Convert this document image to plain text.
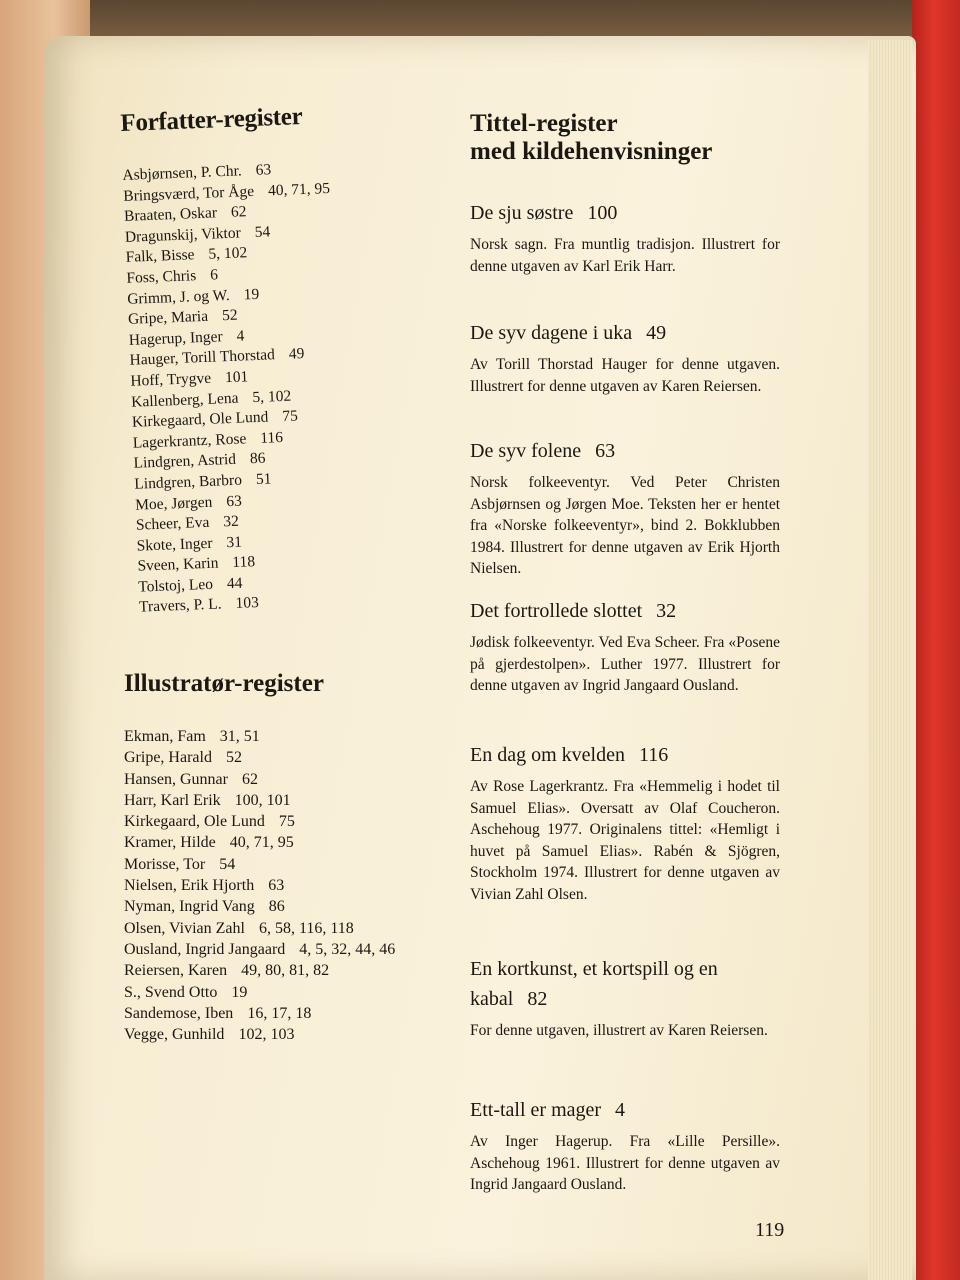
Forfatter-register
Asbjørnsen, P. Chr. 63
Bringsværd, Tor Åge 40, 71, 95
Braaten, Oskar 62
Dragunskij, Viktor 54
Falk, Bisse 5, 102
Foss, Chris 6
Grimm, J. og W. 19
Gripe, Maria 52
Hagerup, Inger 4
Hauger, Torill Thorstad 49
Hoff, Trygve 101
Kallenberg, Lena 5, 102
Kirkegaard, Ole Lund 75
Lagerkrantz, Rose 116
Lindgren, Astrid 86
Lindgren, Barbro 51
Moe, Jørgen 63
Scheer, Eva 32
Skote, Inger 31
Sveen, Karin 118
Tolstoj, Leo 44
Travers, P. L. 103
Illustratør-register
Ekman, Fam 31, 51
Gripe, Harald 52
Hansen, Gunnar 62
Harr, Karl Erik 100, 101
Kirkegaard, Ole Lund 75
Kramer, Hilde 40, 71, 95
Morisse, Tor 54
Nielsen, Erik Hjorth 63
Nyman, Ingrid Vang 86
Olsen, Vivian Zahl 6, 58, 116, 118
Ousland, Ingrid Jangaard 4, 5, 32, 44, 46
Reiersen, Karen 49, 80, 81, 82
S., Svend Otto 19
Sandemose, Iben 16, 17, 18
Vegge, Gunhild 102, 103
Tittel-register
med kildehenvisninger
De sju søstre 100
Norsk sagn. Fra muntlig tradisjon. Illustrert for denne utgaven av Karl Erik Harr.
De syv dagene i uka 49
Av Torill Thorstad Hauger for denne utgaven. Illustrert for denne utgaven av Karen Reiersen.
De syv folene 63
Norsk folkeeventyr. Ved Peter Christen Asbjørnsen og Jørgen Moe. Teksten her er hentet fra «Norske folkeeventyr», bind 2. Bokklubben 1984. Illustrert for denne utgaven av Erik Hjorth Nielsen.
Det fortrollede slottet 32
Jødisk folkeeventyr. Ved Eva Scheer. Fra «Posene på gjerdestolpen». Luther 1977. Illustrert for denne utgaven av Ingrid Jangaard Ousland.
En dag om kvelden 116
Av Rose Lagerkrantz. Fra «Hemmelig i hodet til Samuel Elias». Oversatt av Olaf Coucheron. Aschehoug 1977. Originalens tittel: «Hemligt i huvet på Samuel Elias». Rabén & Sjögren, Stockholm 1974. Illustrert for denne utgaven av Vivian Zahl Olsen.
En kortkunst, et kortspill og en kabal 82
For denne utgaven, illustrert av Karen Reiersen.
Ett-tall er mager 4
Av Inger Hagerup. Fra «Lille Persille». Aschehoug 1961. Illustrert for denne utgaven av Ingrid Jangaard Ousland.
119
